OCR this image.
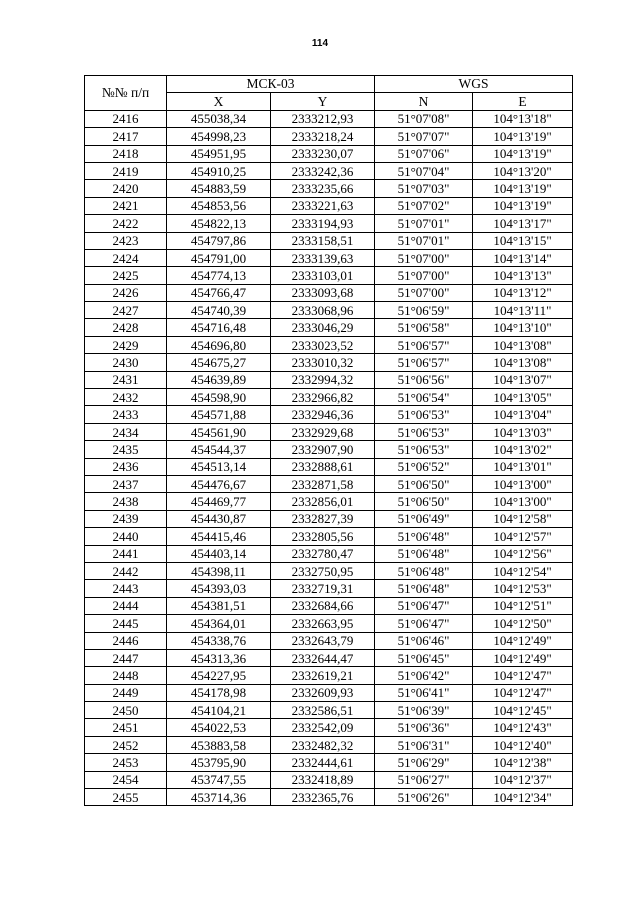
114
№№ п/п	МСК-03		WGS	
	X	Y	N	E
2416	455038,34	2333212,93	51°07'08"	104°13'18"
2417	454998,23	2333218,24	51°07'07"	104°13'19"
2418	454951,95	2333230,07	51°07'06"	104°13'19"
2419	454910,25	2333242,36	51°07'04"	104°13'20"
2420	454883,59	2333235,66	51°07'03"	104°13'19"
2421	454853,56	2333221,63	51°07'02"	104°13'19"
2422	454822,13	2333194,93	51°07'01"	104°13'17"
2423	454797,86	2333158,51	51°07'01"	104°13'15"
2424	454791,00	2333139,63	51°07'00"	104°13'14"
2425	454774,13	2333103,01	51°07'00"	104°13'13"
2426	454766,47	2333093,68	51°07'00"	104°13'12"
2427	454740,39	2333068,96	51°06'59"	104°13'11"
2428	454716,48	2333046,29	51°06'58"	104°13'10"
2429	454696,80	2333023,52	51°06'57"	104°13'08"
2430	454675,27	2333010,32	51°06'57"	104°13'08"
2431	454639,89	2332994,32	51°06'56"	104°13'07"
2432	454598,90	2332966,82	51°06'54"	104°13'05"
2433	454571,88	2332946,36	51°06'53"	104°13'04"
2434	454561,90	2332929,68	51°06'53"	104°13'03"
2435	454544,37	2332907,90	51°06'53"	104°13'02"
2436	454513,14	2332888,61	51°06'52"	104°13'01"
2437	454476,67	2332871,58	51°06'50"	104°13'00"
2438	454469,77	2332856,01	51°06'50"	104°13'00"
2439	454430,87	2332827,39	51°06'49"	104°12'58"
2440	454415,46	2332805,56	51°06'48"	104°12'57"
2441	454403,14	2332780,47	51°06'48"	104°12'56"
2442	454398,11	2332750,95	51°06'48"	104°12'54"
2443	454393,03	2332719,31	51°06'48"	104°12'53"
2444	454381,51	2332684,66	51°06'47"	104°12'51"
2445	454364,01	2332663,95	51°06'47"	104°12'50"
2446	454338,76	2332643,79	51°06'46"	104°12'49"
2447	454313,36	2332644,47	51°06'45"	104°12'49"
2448	454227,95	2332619,21	51°06'42"	104°12'47"
2449	454178,98	2332609,93	51°06'41"	104°12'47"
2450	454104,21	2332586,51	51°06'39"	104°12'45"
2451	454022,53	2332542,09	51°06'36"	104°12'43"
2452	453883,58	2332482,32	51°06'31"	104°12'40"
2453	453795,90	2332444,61	51°06'29"	104°12'38"
2454	453747,55	2332418,89	51°06'27"	104°12'37"
2455	453714,36	2332365,76	51°06'26"	104°12'34"
